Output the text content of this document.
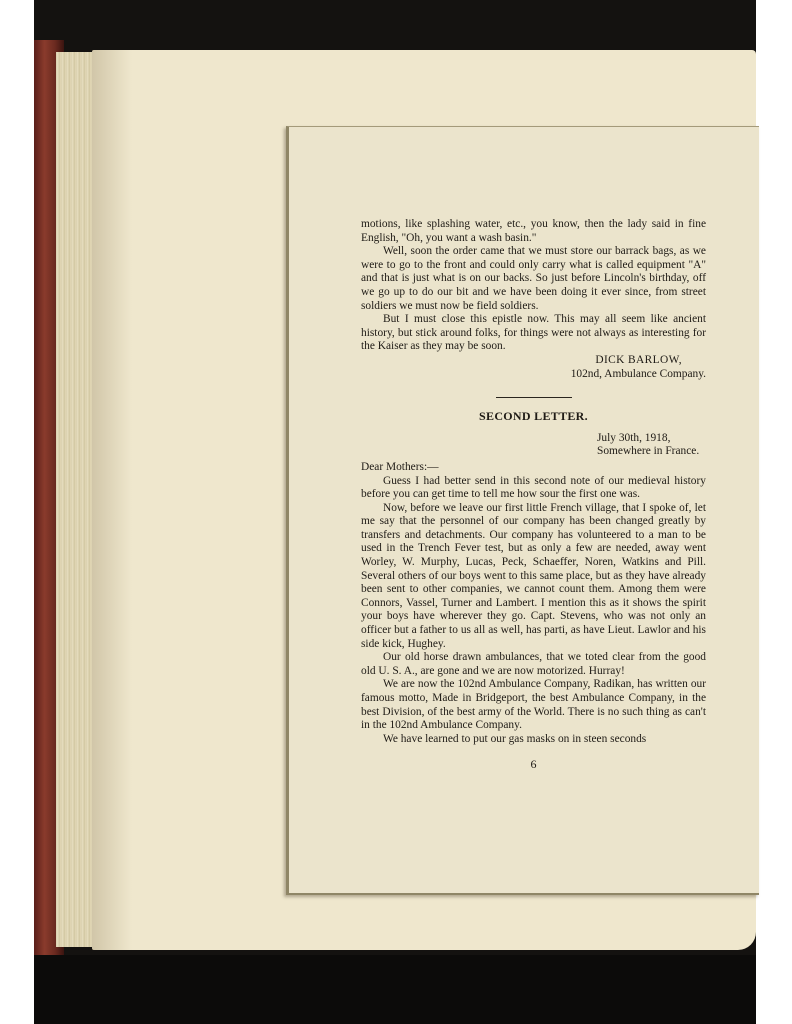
motions, like splashing water, etc., you know, then the lady said in fine English, "Oh, you want a wash basin."

Well, soon the order came that we must store our barrack bags, as we were to go to the front and could only carry what is called equipment "A" and that is just what is on our backs. So just before Lincoln's birthday, off we go up to do our bit and we have been doing it ever since, from street soldiers we must now be field soldiers.

But I must close this epistle now. This may all seem like ancient history, but stick around folks, for things were not always as interesting for the Kaiser as they may be soon.

DICK BARLOW,

102nd, Ambulance Company.

SECOND LETTER.

July 30th, 1918,

Somewhere in France.

Dear Mothers:—

Guess I had better send in this second note of our medieval history before you can get time to tell me how sour the first one was.

Now, before we leave our first little French village, that I spoke of, let me say that the personnel of our company has been changed greatly by transfers and detachments. Our company has volunteered to a man to be used in the Trench Fever test, but as only a few are needed, away went Worley, W. Murphy, Lucas, Peck, Schaeffer, Noren, Watkins and Pill. Several others of our boys went to this same place, but as they have already been sent to other companies, we cannot count them. Among them were Connors, Vassel, Turner and Lambert. I mention this as it shows the spirit your boys have wherever they go. Capt. Stevens, who was not only an officer but a father to us all as well, has parti, as have Lieut. Lawlor and his side kick, Hughey.

Our old horse drawn ambulances, that we toted clear from the good old U. S. A., are gone and we are now motorized. Hurray!

We are now the 102nd Ambulance Company, Radikan, has written our famous motto, Made in Bridgeport, the best Ambulance Company, in the best Division, of the best army of the World. There is no such thing as can't in the 102nd Ambulance Company.

We have learned to put our gas masks on in steen seconds

6
